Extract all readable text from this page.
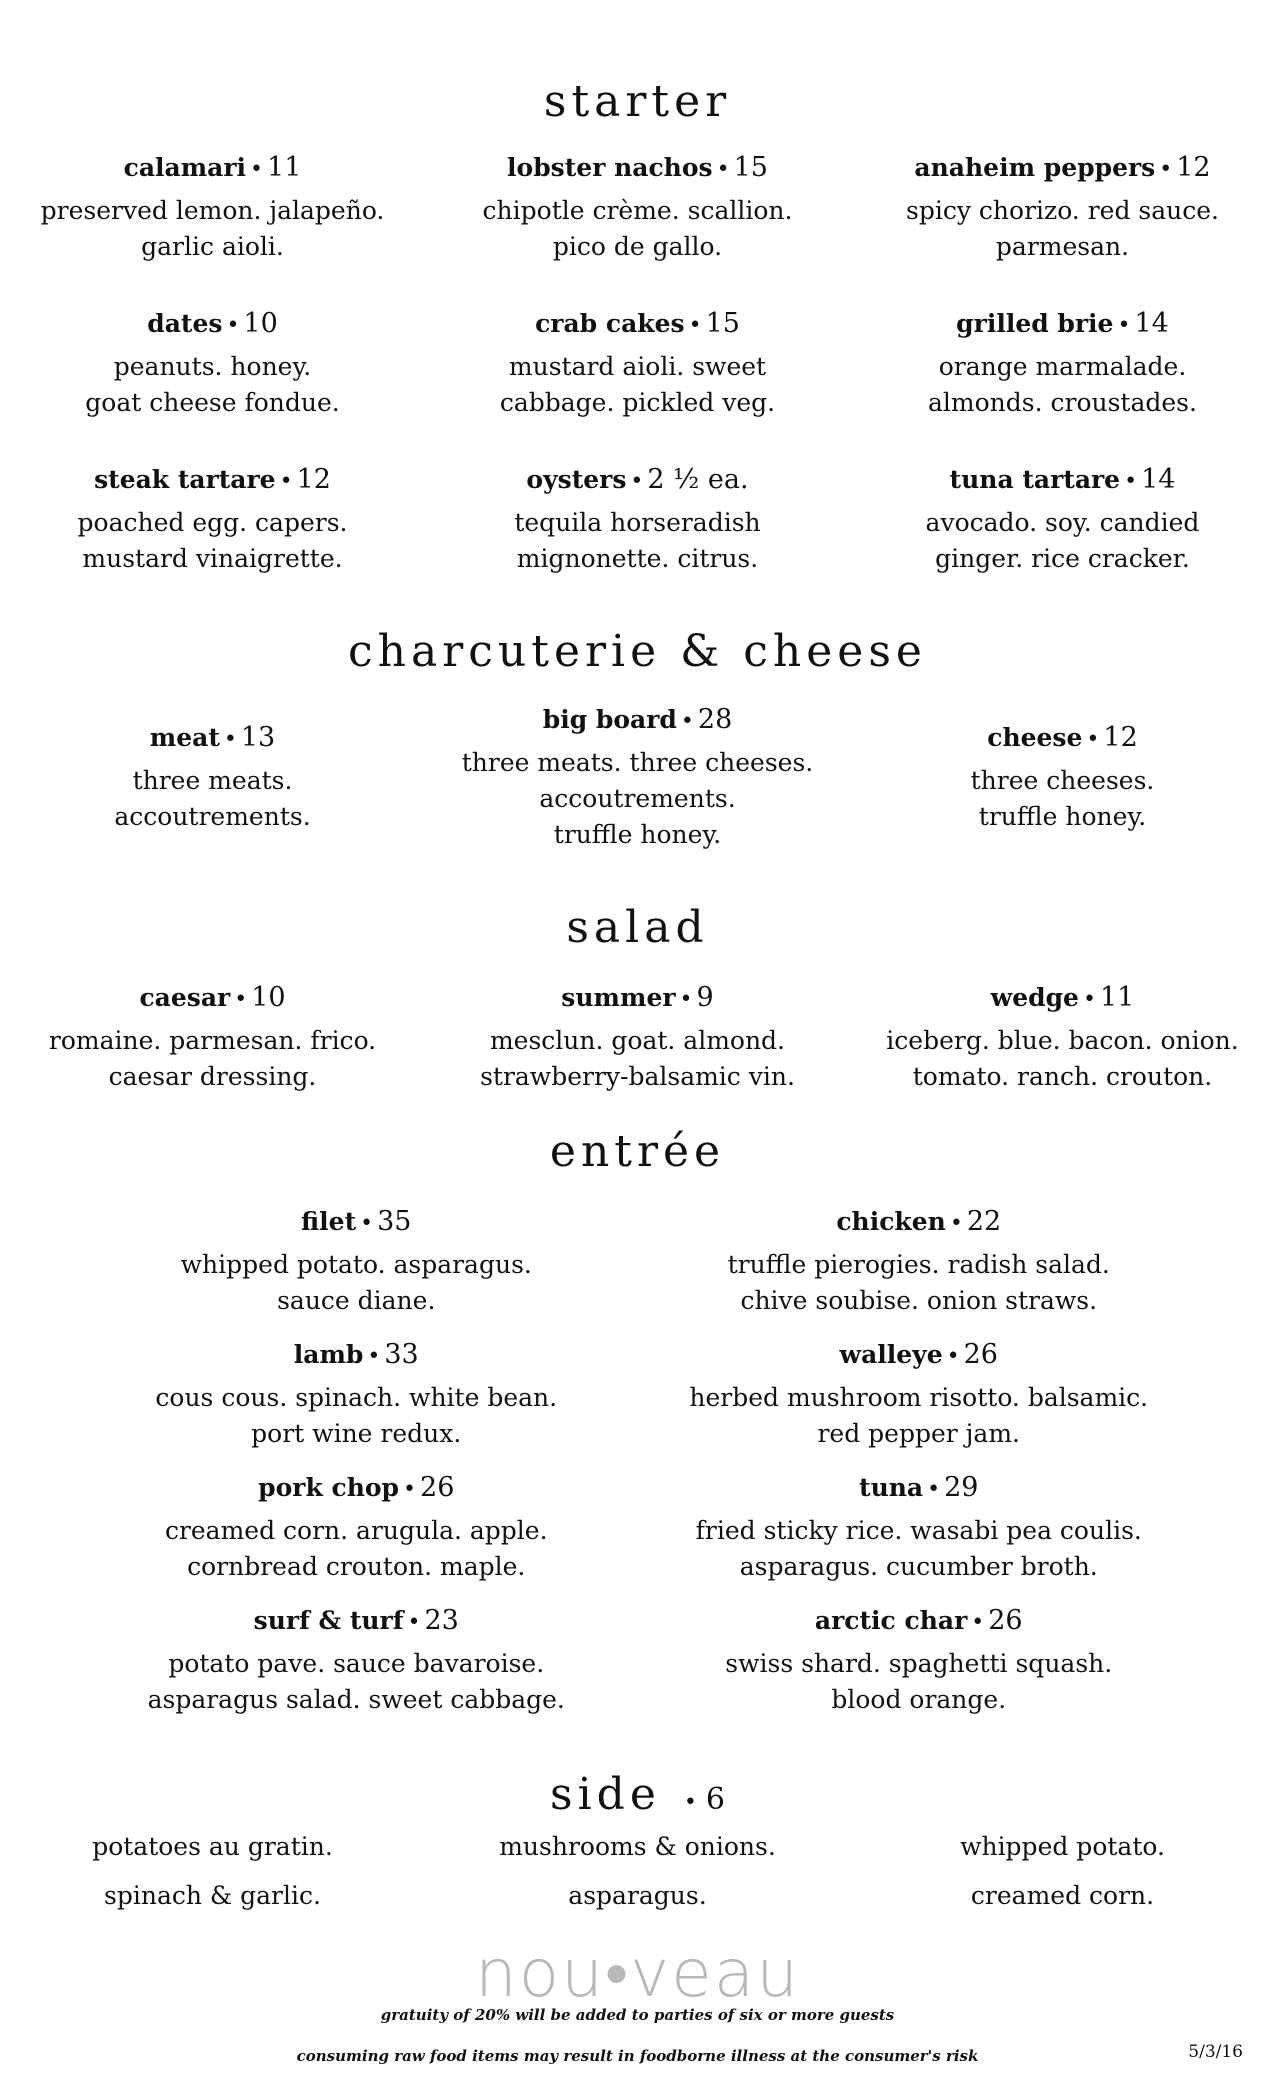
starter
calamari • 11
preserved lemon. jalapeño.
garlic aioli.
lobster nachos • 15
chipotle crème. scallion.
pico de gallo.
anaheim peppers • 12
spicy chorizo. red sauce.
parmesan.
dates • 10
peanuts. honey.
goat cheese fondue.
crab cakes • 15
mustard aioli. sweet
cabbage. pickled veg.
grilled brie • 14
orange marmalade.
almonds. croustades.
steak tartare • 12
poached egg. capers.
mustard vinaigrette.
oysters • 2 ½ ea.
tequila horseradish
mignonette. citrus.
tuna tartare • 14
avocado. soy. candied
ginger. rice cracker.
charcuterie & cheese
meat • 13
three meats.
accoutrements.
big board • 28
three meats. three cheeses.
accoutrements.
truffle honey.
cheese • 12
three cheeses.
truffle honey.
salad
caesar • 10
romaine. parmesan. frico.
caesar dressing.
summer • 9
mesclun. goat. almond.
strawberry-balsamic vin.
wedge • 11
iceberg. blue. bacon. onion.
tomato. ranch. crouton.
entrée
filet • 35
whipped potato. asparagus.
sauce diane.
chicken • 22
truffle pierogies. radish salad.
chive soubise. onion straws.
lamb • 33
cous cous. spinach. white bean.
port wine redux.
walleye • 26
herbed mushroom risotto. balsamic.
red pepper jam.
pork chop • 26
creamed corn. arugula. apple.
cornbread crouton. maple.
tuna • 29
fried sticky rice. wasabi pea coulis.
asparagus. cucumber broth.
surf & turf • 23
potato pave. sauce bavaroise.
asparagus salad. sweet cabbage.
arctic char • 26
swiss shard. spaghetti squash.
blood orange.
side • 6
potatoes au gratin.	mushrooms & onions.	whipped potato.
spinach & garlic.	asparagus.	creamed corn.
nou•veau
gratuity of 20% will be added to parties of six or more guests
consuming raw food items may result in foodborne illness at the consumer's risk	5/3/16
